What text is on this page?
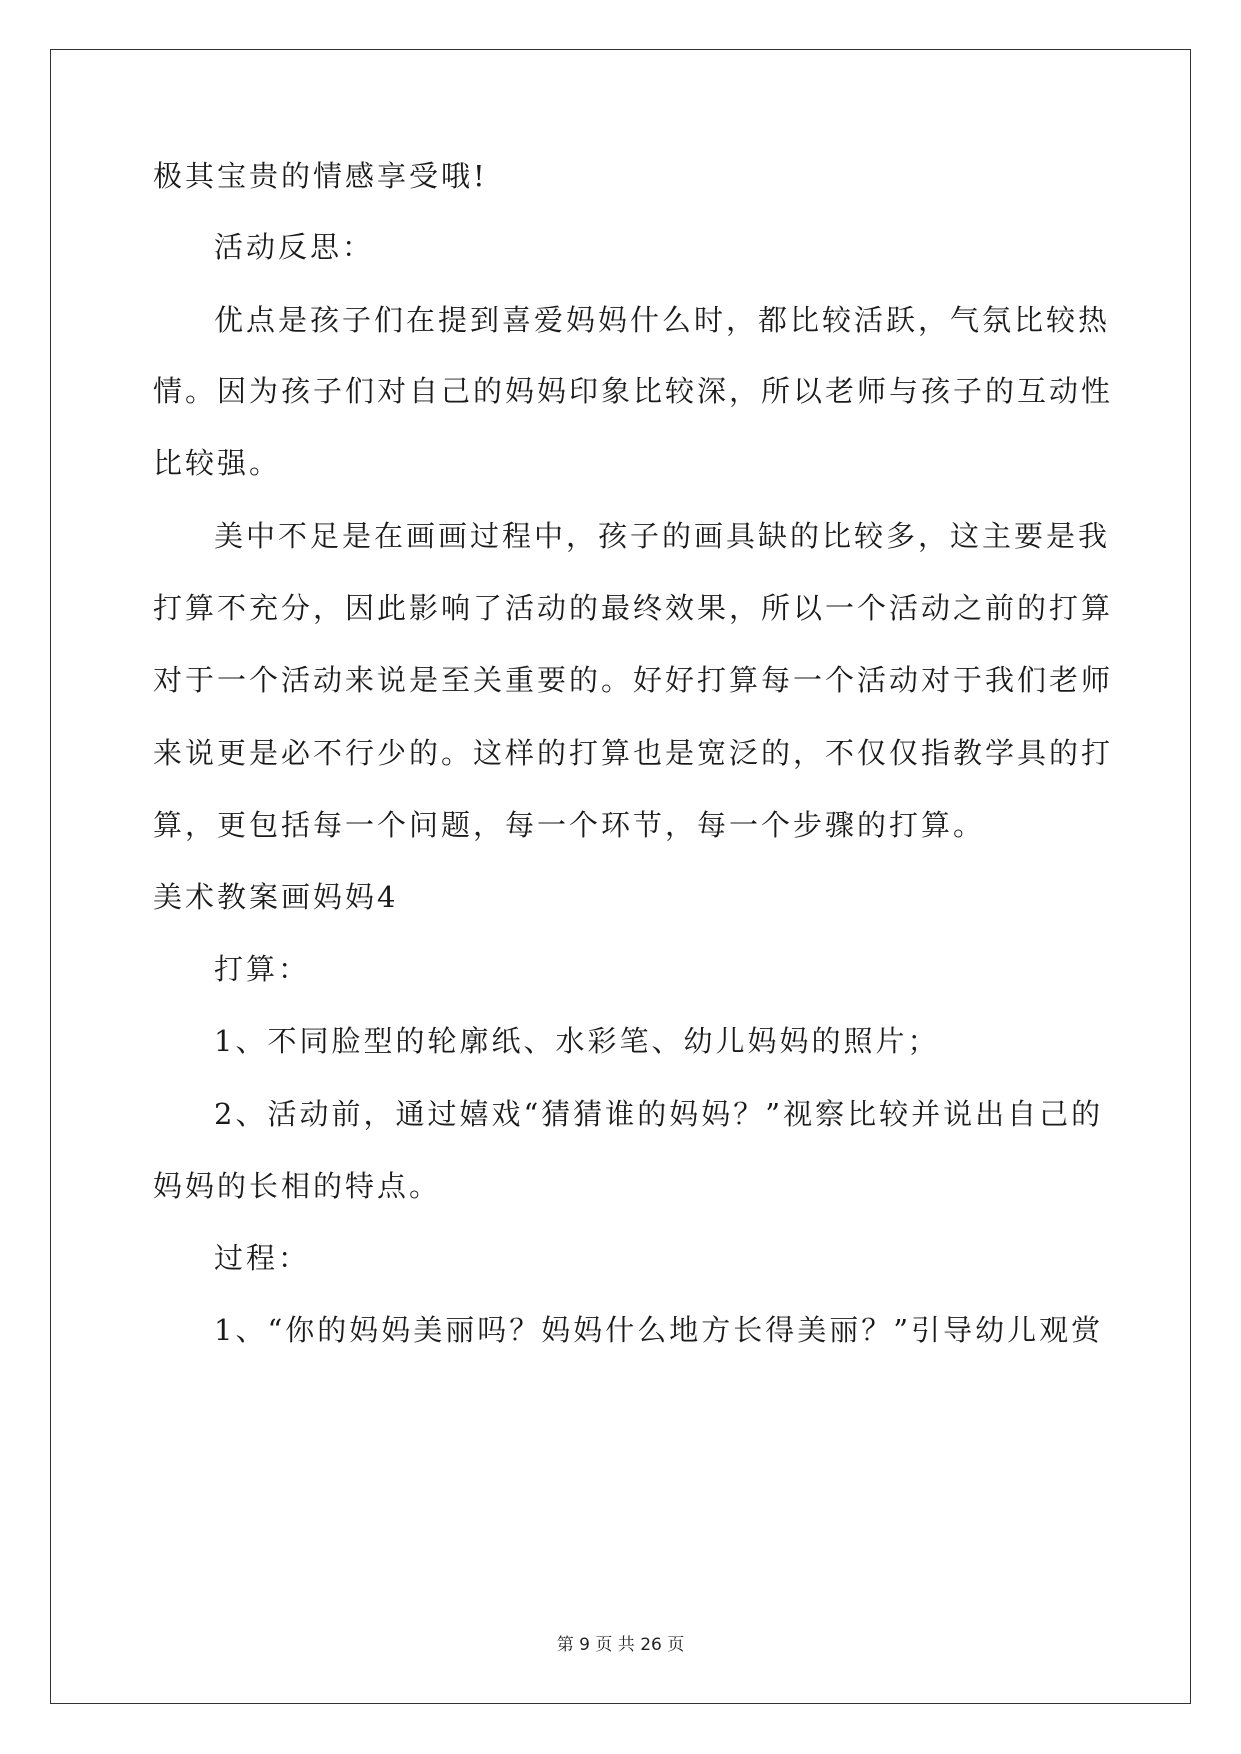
极其宝贵的情感享受哦!
活动反思：
优点是孩子们在提到喜爱妈妈什么时，都比较活跃，气氛比较热
情。因为孩子们对自己的妈妈印象比较深，所以老师与孩子的互动性
比较强。
美中不足是在画画过程中，孩子的画具缺的比较多，这主要是我
打算不充分，因此影响了活动的最终效果，所以一个活动之前的打算
对于一个活动来说是至关重要的。好好打算每一个活动对于我们老师
来说更是必不行少的。这样的打算也是宽泛的，不仅仅指教学具的打
算，更包括每一个问题，每一个环节，每一个步骤的打算。
美术教案画妈妈4
打算：
1、不同脸型的轮廓纸、水彩笔、幼儿妈妈的照片；
2、活动前，通过嬉戏“猜猜谁的妈妈？”视察比较并说出自己的
妈妈的长相的特点。
过程：
1、“你的妈妈美丽吗？妈妈什么地方长得美丽？”引导幼儿观赏
第 9 页 共 26 页
